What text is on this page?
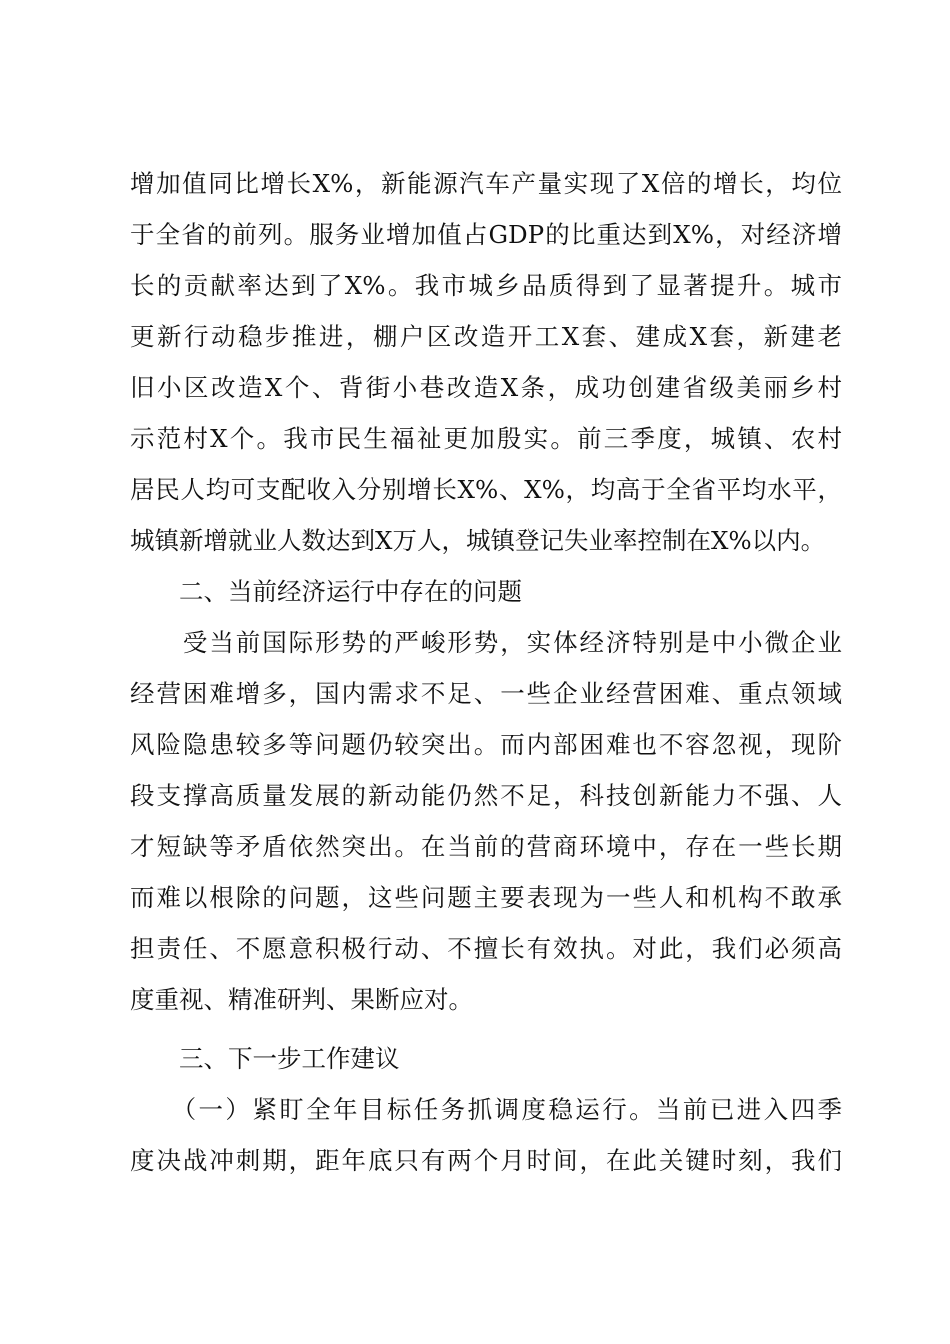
增加值同比增长X%，新能源汽车产量实现了X倍的增长，均位
于全省的前列。服务业增加值占GDP的比重达到X%，对经济增
长的贡献率达到了X%。我市城乡品质得到了显著提升。城市
更新行动稳步推进，棚户区改造开工X套、建成X套，新建老
旧小区改造X个、背街小巷改造X条，成功创建省级美丽乡村
示范村X个。我市民生福祉更加殷实。前三季度，城镇、农村
居民人均可支配收入分别增长X%、X%，均高于全省平均水平，
城镇新增就业人数达到X万人，城镇登记失业率控制在X%以内。
二、当前经济运行中存在的问题
　　受当前国际形势的严峻形势，实体经济特别是中小微企业
经营困难增多，国内需求不足、一些企业经营困难、重点领域
风险隐患较多等问题仍较突出。而内部困难也不容忽视，现阶
段支撑高质量发展的新动能仍然不足，科技创新能力不强、人
才短缺等矛盾依然突出。在当前的营商环境中，存在一些长期
而难以根除的问题，这些问题主要表现为一些人和机构不敢承
担责任、不愿意积极行动、不擅长有效执。对此，我们必须高
度重视、精准研判、果断应对。
三、下一步工作建议
　　（一）紧盯全年目标任务抓调度稳运行。当前已进入四季
度决战冲刺期，距年底只有两个月时间，在此关键时刻，我们
